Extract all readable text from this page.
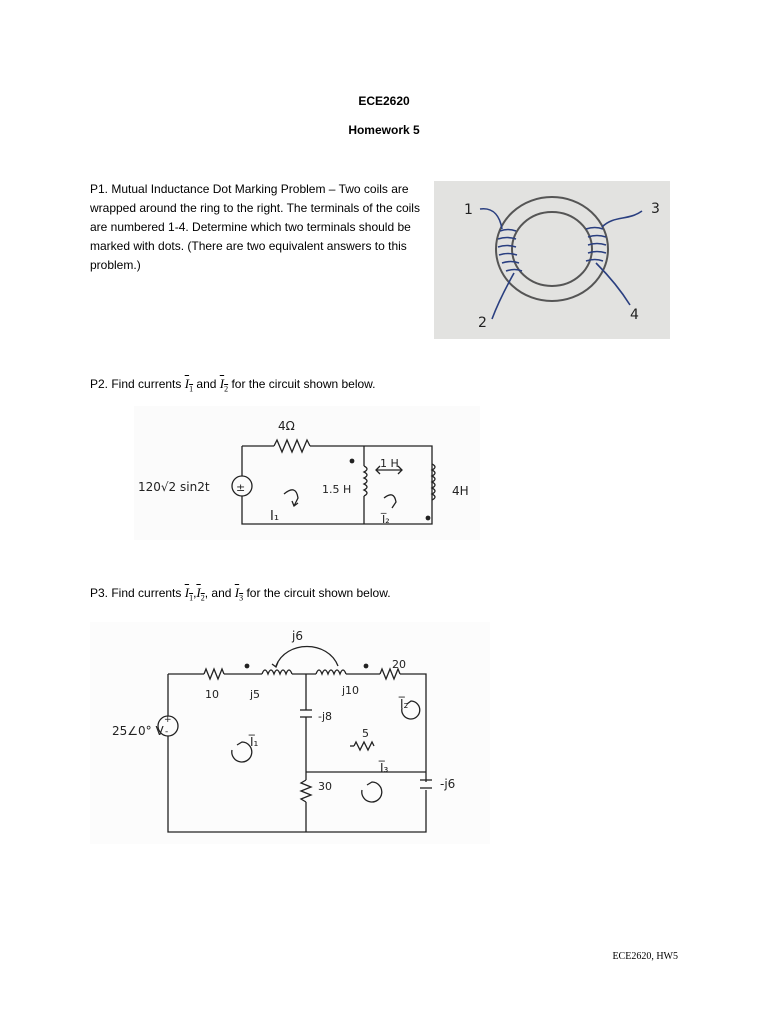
ECE2620
Homework 5
P1. Mutual Inductance Dot Marking Problem – Two coils are wrapped around the ring to the right. The terminals of the coils are numbered 1-4. Determine which two terminals should be marked with dots. (There are two equivalent answers to this problem.)
1
2
3
4
P2. Find currents $I_1$ and $I_2$ for the circuit shown below.
±
120√2 sin2t
4Ω
1.5 H
1 H
4H
I₁	I̅₂
P3. Find currents $I_1,I_2$, and $I_3$ for the circuit shown below.
+
-
25∠0° V
j6
10	j5	j10
20
-j8
5
30	-j6
I̅₁
I̅₂
I̅₃
ECE2620, HW5
